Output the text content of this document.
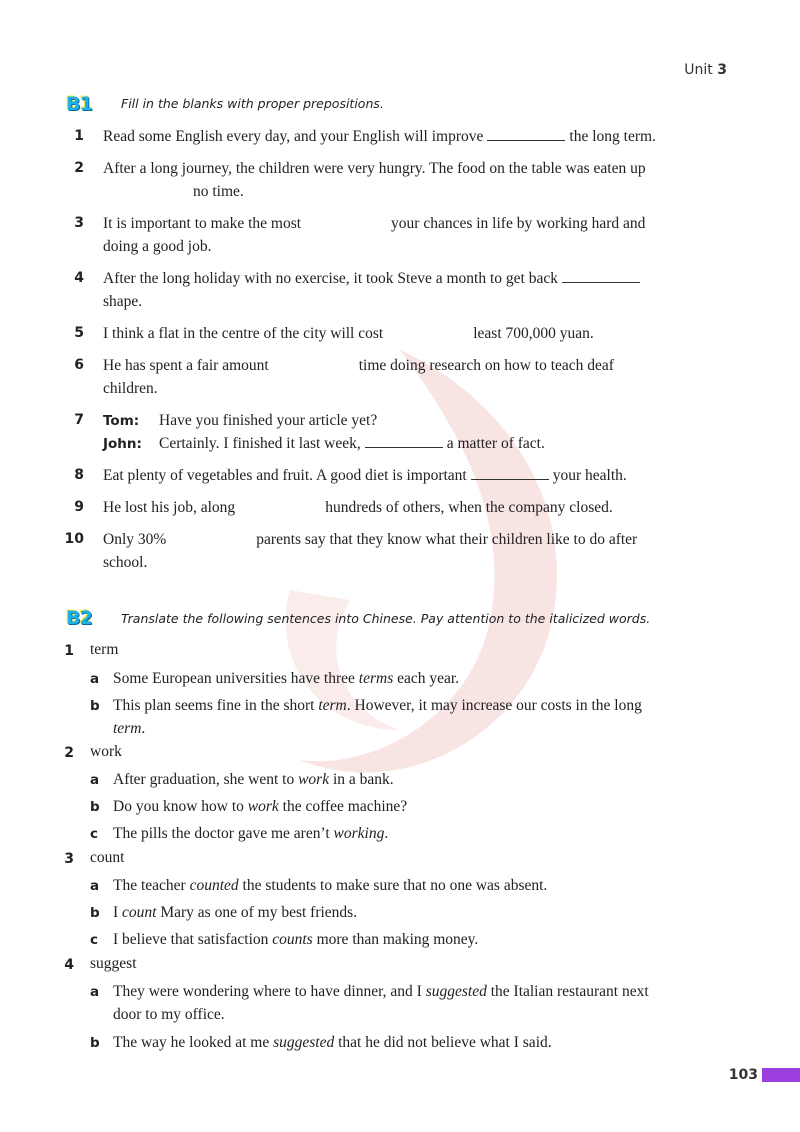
Unit 3
B1	Fill in the blanks with proper prepositions.
1 Read some English every day, and your English will improve	the long term.
2 After a long journey, the children were very hungry. The food on the table was eaten up
no time.
3 It is important to make the most	your chances in life by working hard and
doing a good job.
4 After the long holiday with no exercise, it took Steve a month to get back
shape.
5 I think a flat in the centre of the city will cost	least 700,000 yuan.
6 He has spent a fair amount	time doing research on how to teach deaf
children.
7 Tom: Have you finished your article yet?
John: Certainly. I finished it last week,	a matter of fact.
8 Eat plenty of vegetables and fruit. A good diet is important	your health.
9 He lost his job, along	hundreds of others, when the company closed.
10 Only 30%	parents say that they know what their children like to do after
school.
B2	Translate the following sentences into Chinese. Pay attention to the italicized words.
1 term
a Some European universities have three terms each year.
b This plan seems fine in the short term. However, it may increase our costs in the long
term.
2 work
a After graduation, she went to work in a bank.
b Do you know how to work the coffee machine?
c The pills the doctor gave me aren’t working.
3 count
a The teacher counted the students to make sure that no one was absent.
b I count Mary as one of my best friends.
c I believe that satisfaction counts more than making money.
4 suggest
a They were wondering where to have dinner, and I suggested the Italian restaurant next
door to my office.
b The way he looked at me suggested that he did not believe what I said.
103
